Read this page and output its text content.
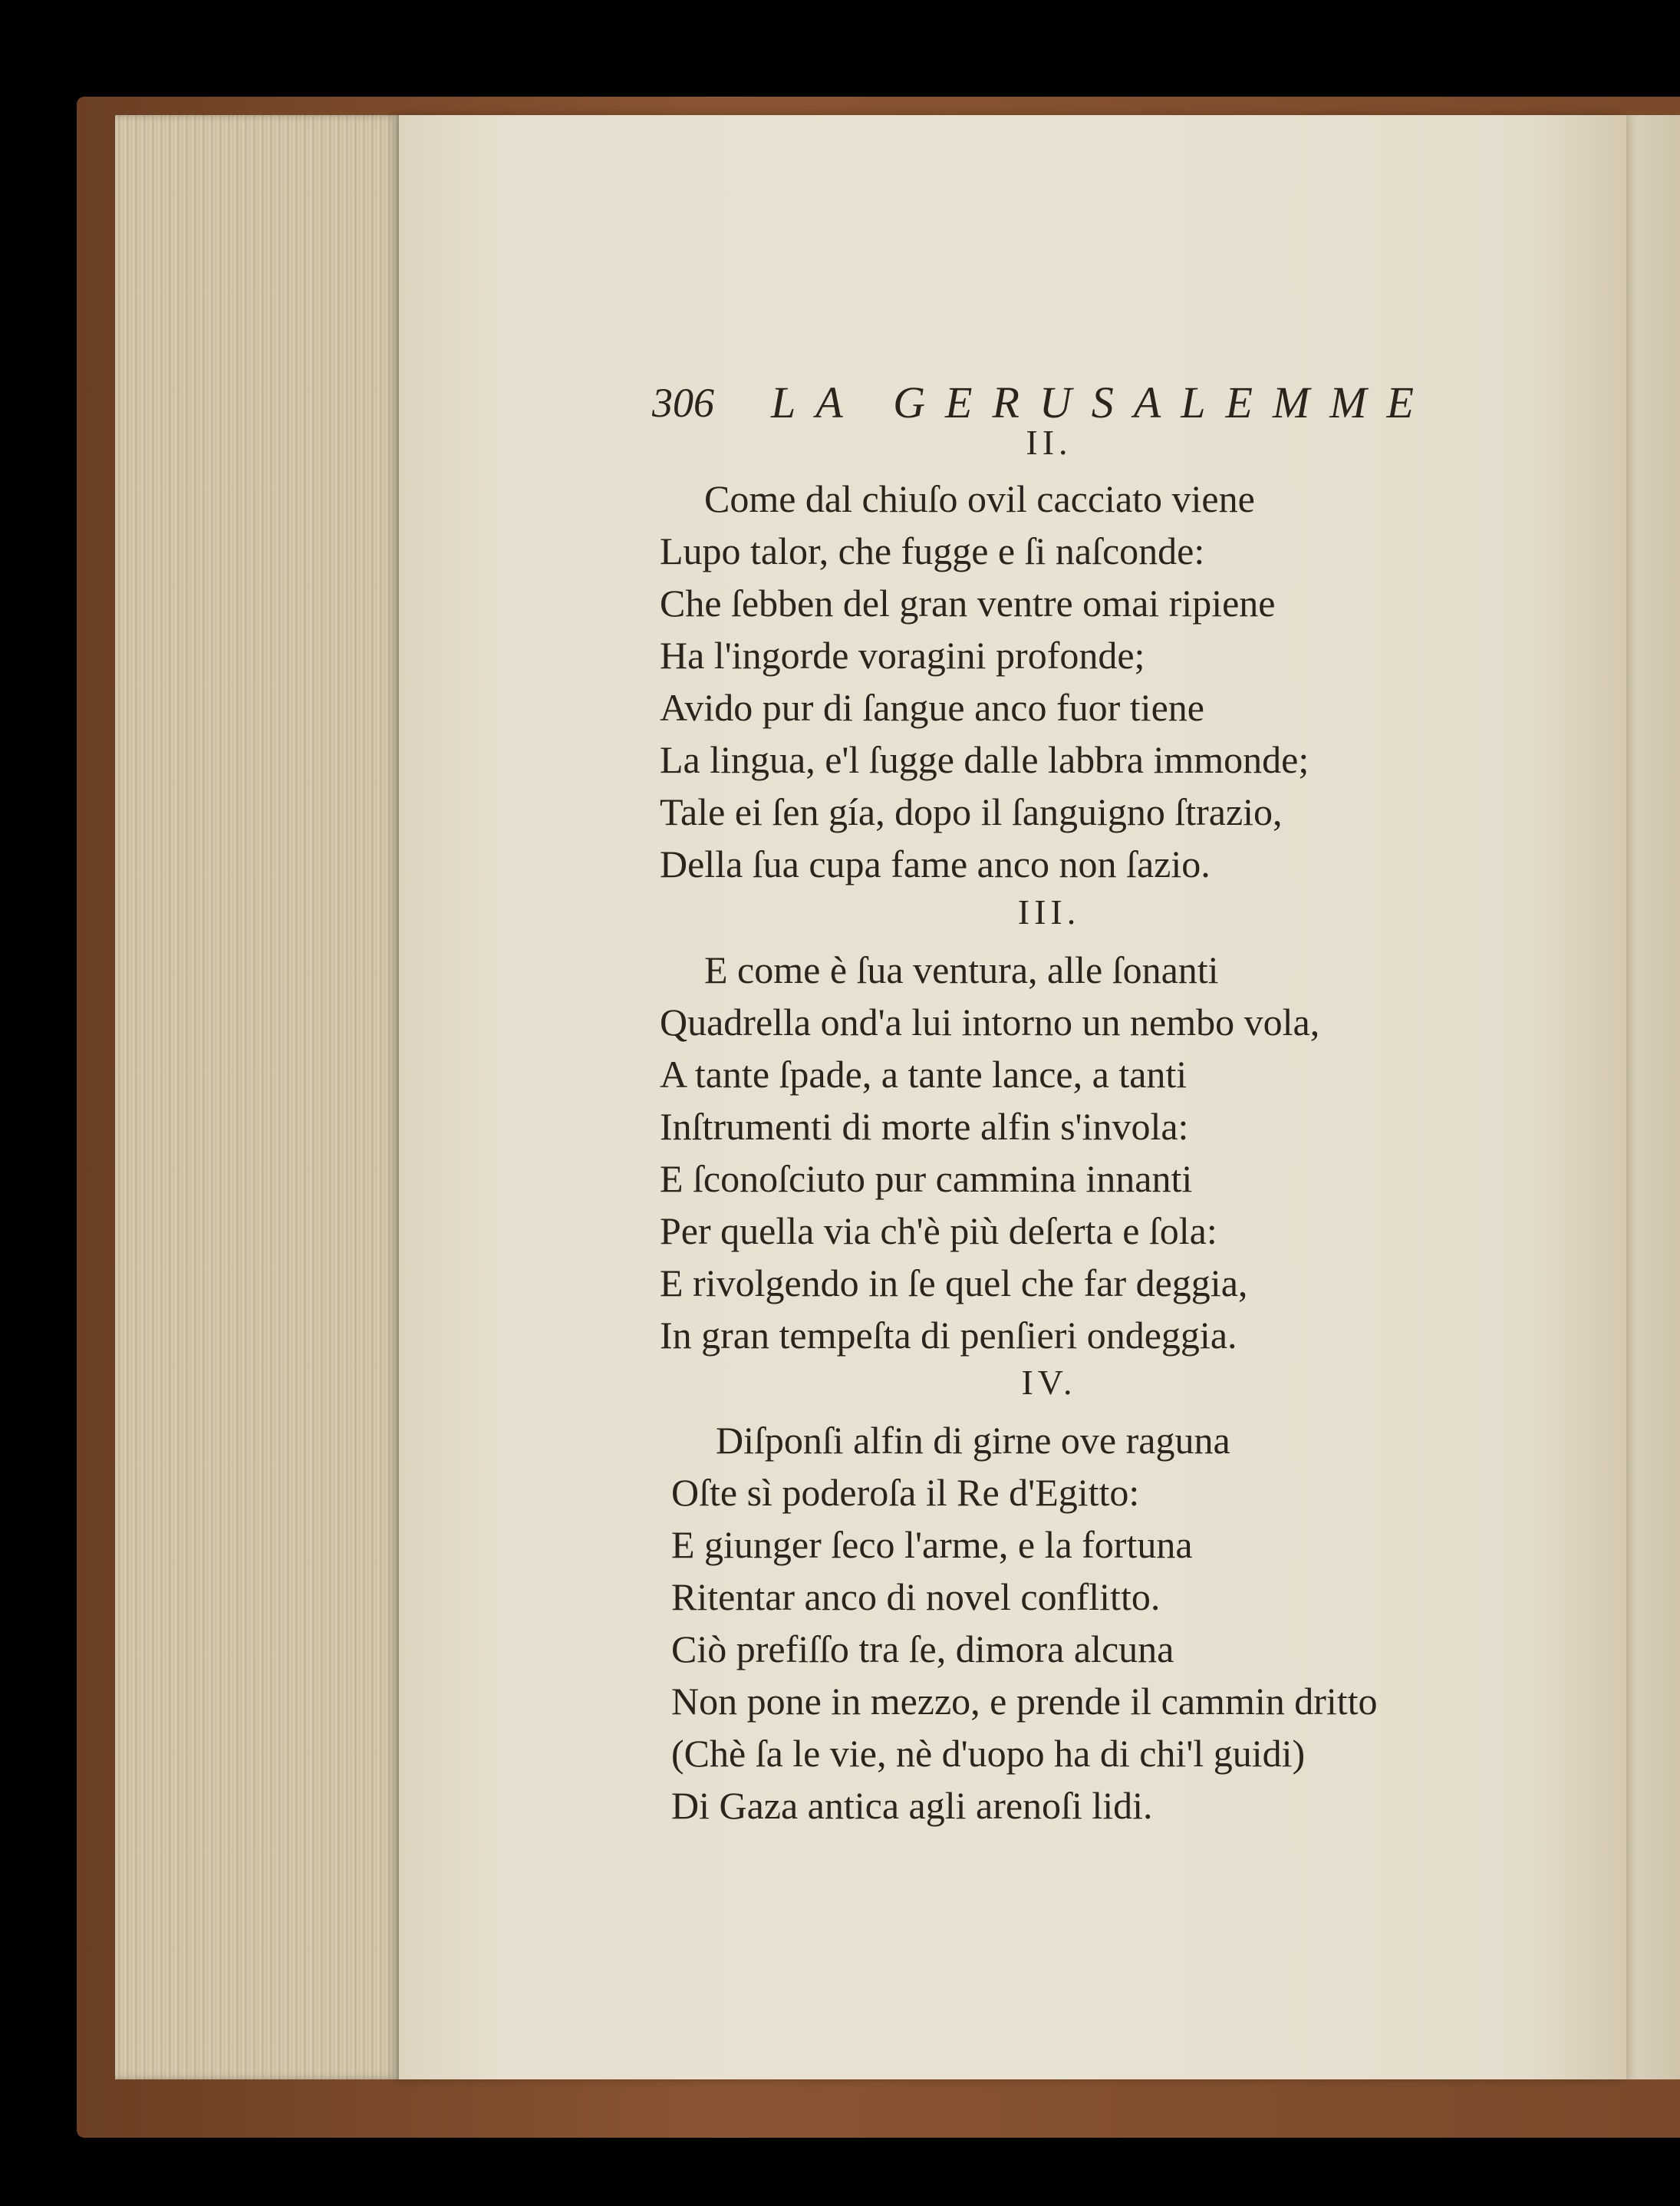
306 LA GERUSALEMME
II.
Come dal chiuſo ovil cacciato viene
Lupo talor, che fugge e ſi naſconde:
Che ſebben del gran ventre omai ripiene
Ha l'ingorde voragini profonde;
Avido pur di ſangue anco fuor tiene
La lingua, e'l ſugge dalle labbra immonde;
Tale ei ſen gía, dopo il ſanguigno ſtrazio,
Della ſua cupa fame anco non ſazio.
III.
E come è ſua ventura, alle ſonanti
Quadrella ond'a lui intorno un nembo vola,
A tante ſpade, a tante lance, a tanti
Inſtrumenti di morte alfin s'invola:
E ſconoſciuto pur cammina innanti
Per quella via ch'è più deſerta e ſola:
E rivolgendo in ſe quel che far deggia,
In gran tempeſta di penſieri ondeggia.
IV.
Diſponſi alfin di girne ove raguna
Oſte sì poderoſa il Re d'Egitto:
E giunger ſeco l'arme, e la fortuna
Ritentar anco di novel conflitto.
Ciò prefiſſo tra ſe, dimora alcuna
Non pone in mezzo, e prende il cammin dritto
(Chè ſa le vie, nè d'uopo ha di chi'l guidi)
Di Gaza antica agli arenoſi lidi.
